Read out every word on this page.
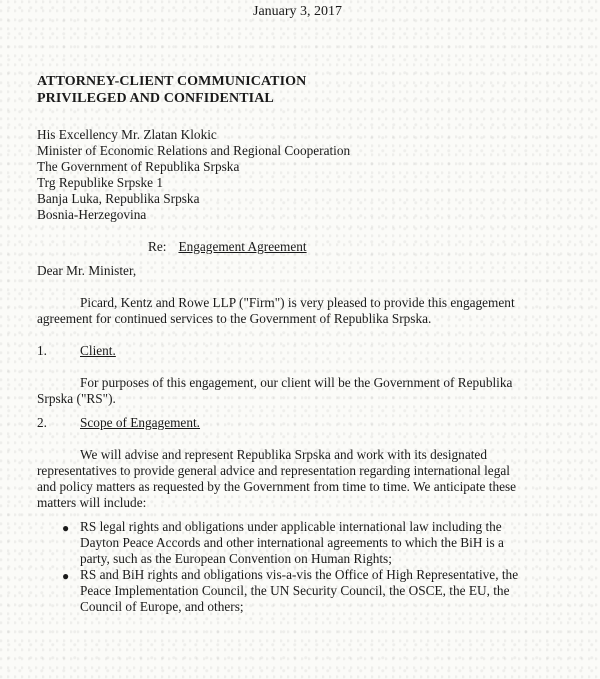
January 3, 2017
ATTORNEY-CLIENT COMMUNICATION
PRIVILEGED AND CONFIDENTIAL
His Excellency Mr. Zlatan Klokic
Minister of Economic Relations and Regional Cooperation
The Government of Republika Srpska
Trg Republike Srpske 1
Banja Luka, Republika Srpska
Bosnia-Herzegovina
Re: Engagement Agreement
Dear Mr. Minister,
Picard, Kentz and Rowe LLP ("Firm") is very pleased to provide this engagement
agreement for continued services to the Government of Republika Srpska.
1. Client.
For purposes of this engagement, our client will be the Government of Republika
Srpska ("RS").
2. Scope of Engagement.
We will advise and represent Republika Srpska and work with its designated
representatives to provide general advice and representation regarding international legal
and policy matters as requested by the Government from time to time. We anticipate these
matters will include:
● RS legal rights and obligations under applicable international law including the
Dayton Peace Accords and other international agreements to which the BiH is a
party, such as the European Convention on Human Rights;
● RS and BiH rights and obligations vis-a-vis the Office of High Representative, the
Peace Implementation Council, the UN Security Council, the OSCE, the EU, the
Council of Europe, and others;
